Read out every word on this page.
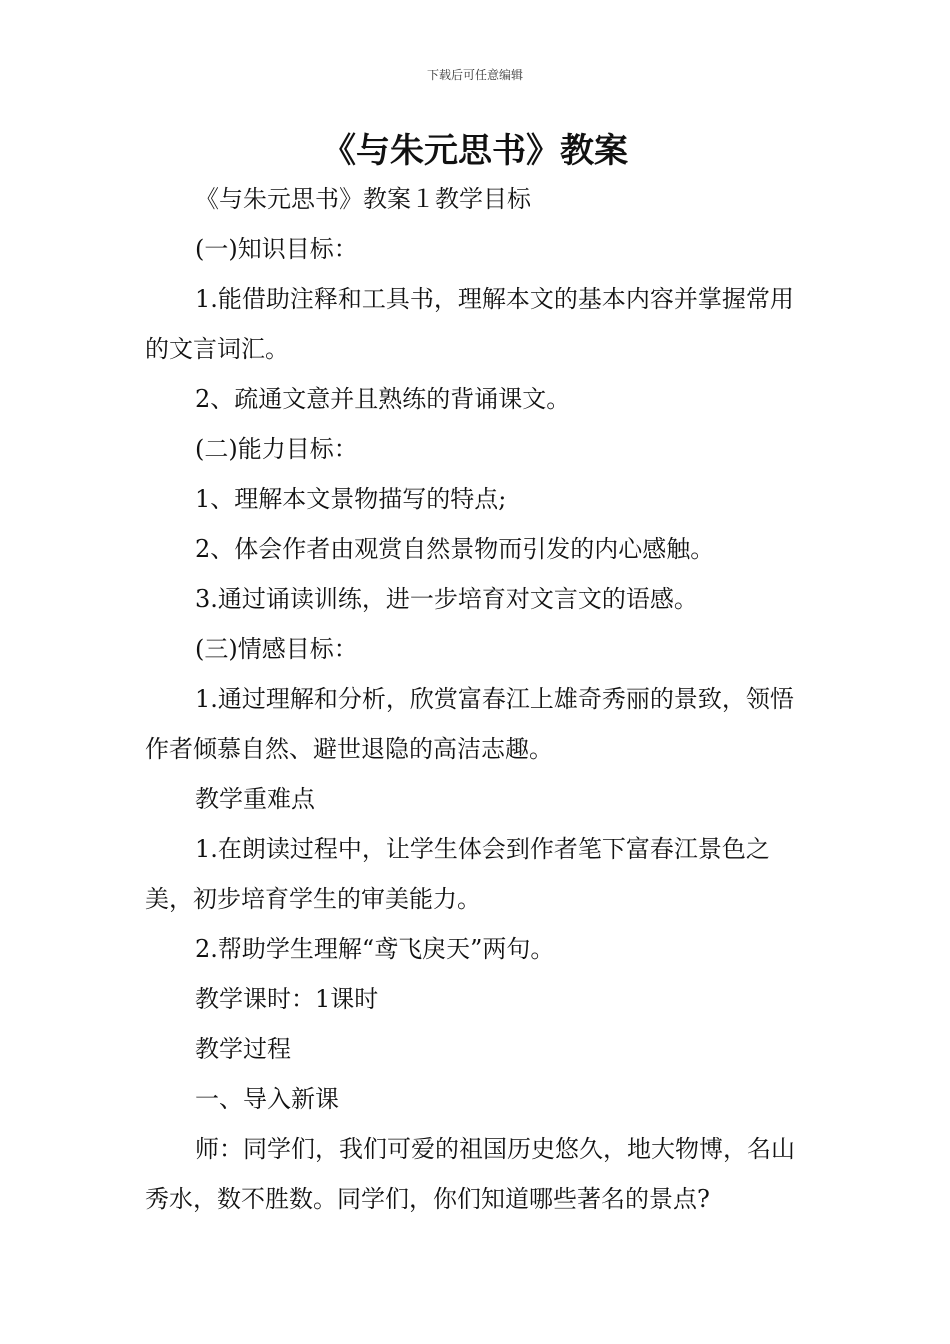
下载后可任意编辑
《与朱元思书》教案

《与朱元思书》教案１教学目标

(一)知识目标：

1.能借助注释和工具书，理解本文的基本内容并掌握常用的文言词汇。

2、疏通文意并且熟练的背诵课文。

(二)能力目标：

1、理解本文景物描写的特点;

2、体会作者由观赏自然景物而引发的内心感触。

3.通过诵读训练，进一步培育对文言文的语感。

(三)情感目标：

1.通过理解和分析，欣赏富春江上雄奇秀丽的景致，领悟作者倾慕自然、避世退隐的高洁志趣。

教学重难点

1.在朗读过程中，让学生体会到作者笔下富春江景色之美，初步培育学生的审美能力。

2.帮助学生理解“鸢飞戾天”两句。

教学课时：1课时

教学过程

一、导入新课

师：同学们，我们可爱的祖国历史悠久，地大物博，名山秀水，数不胜数。同学们，你们知道哪些著名的景点?
